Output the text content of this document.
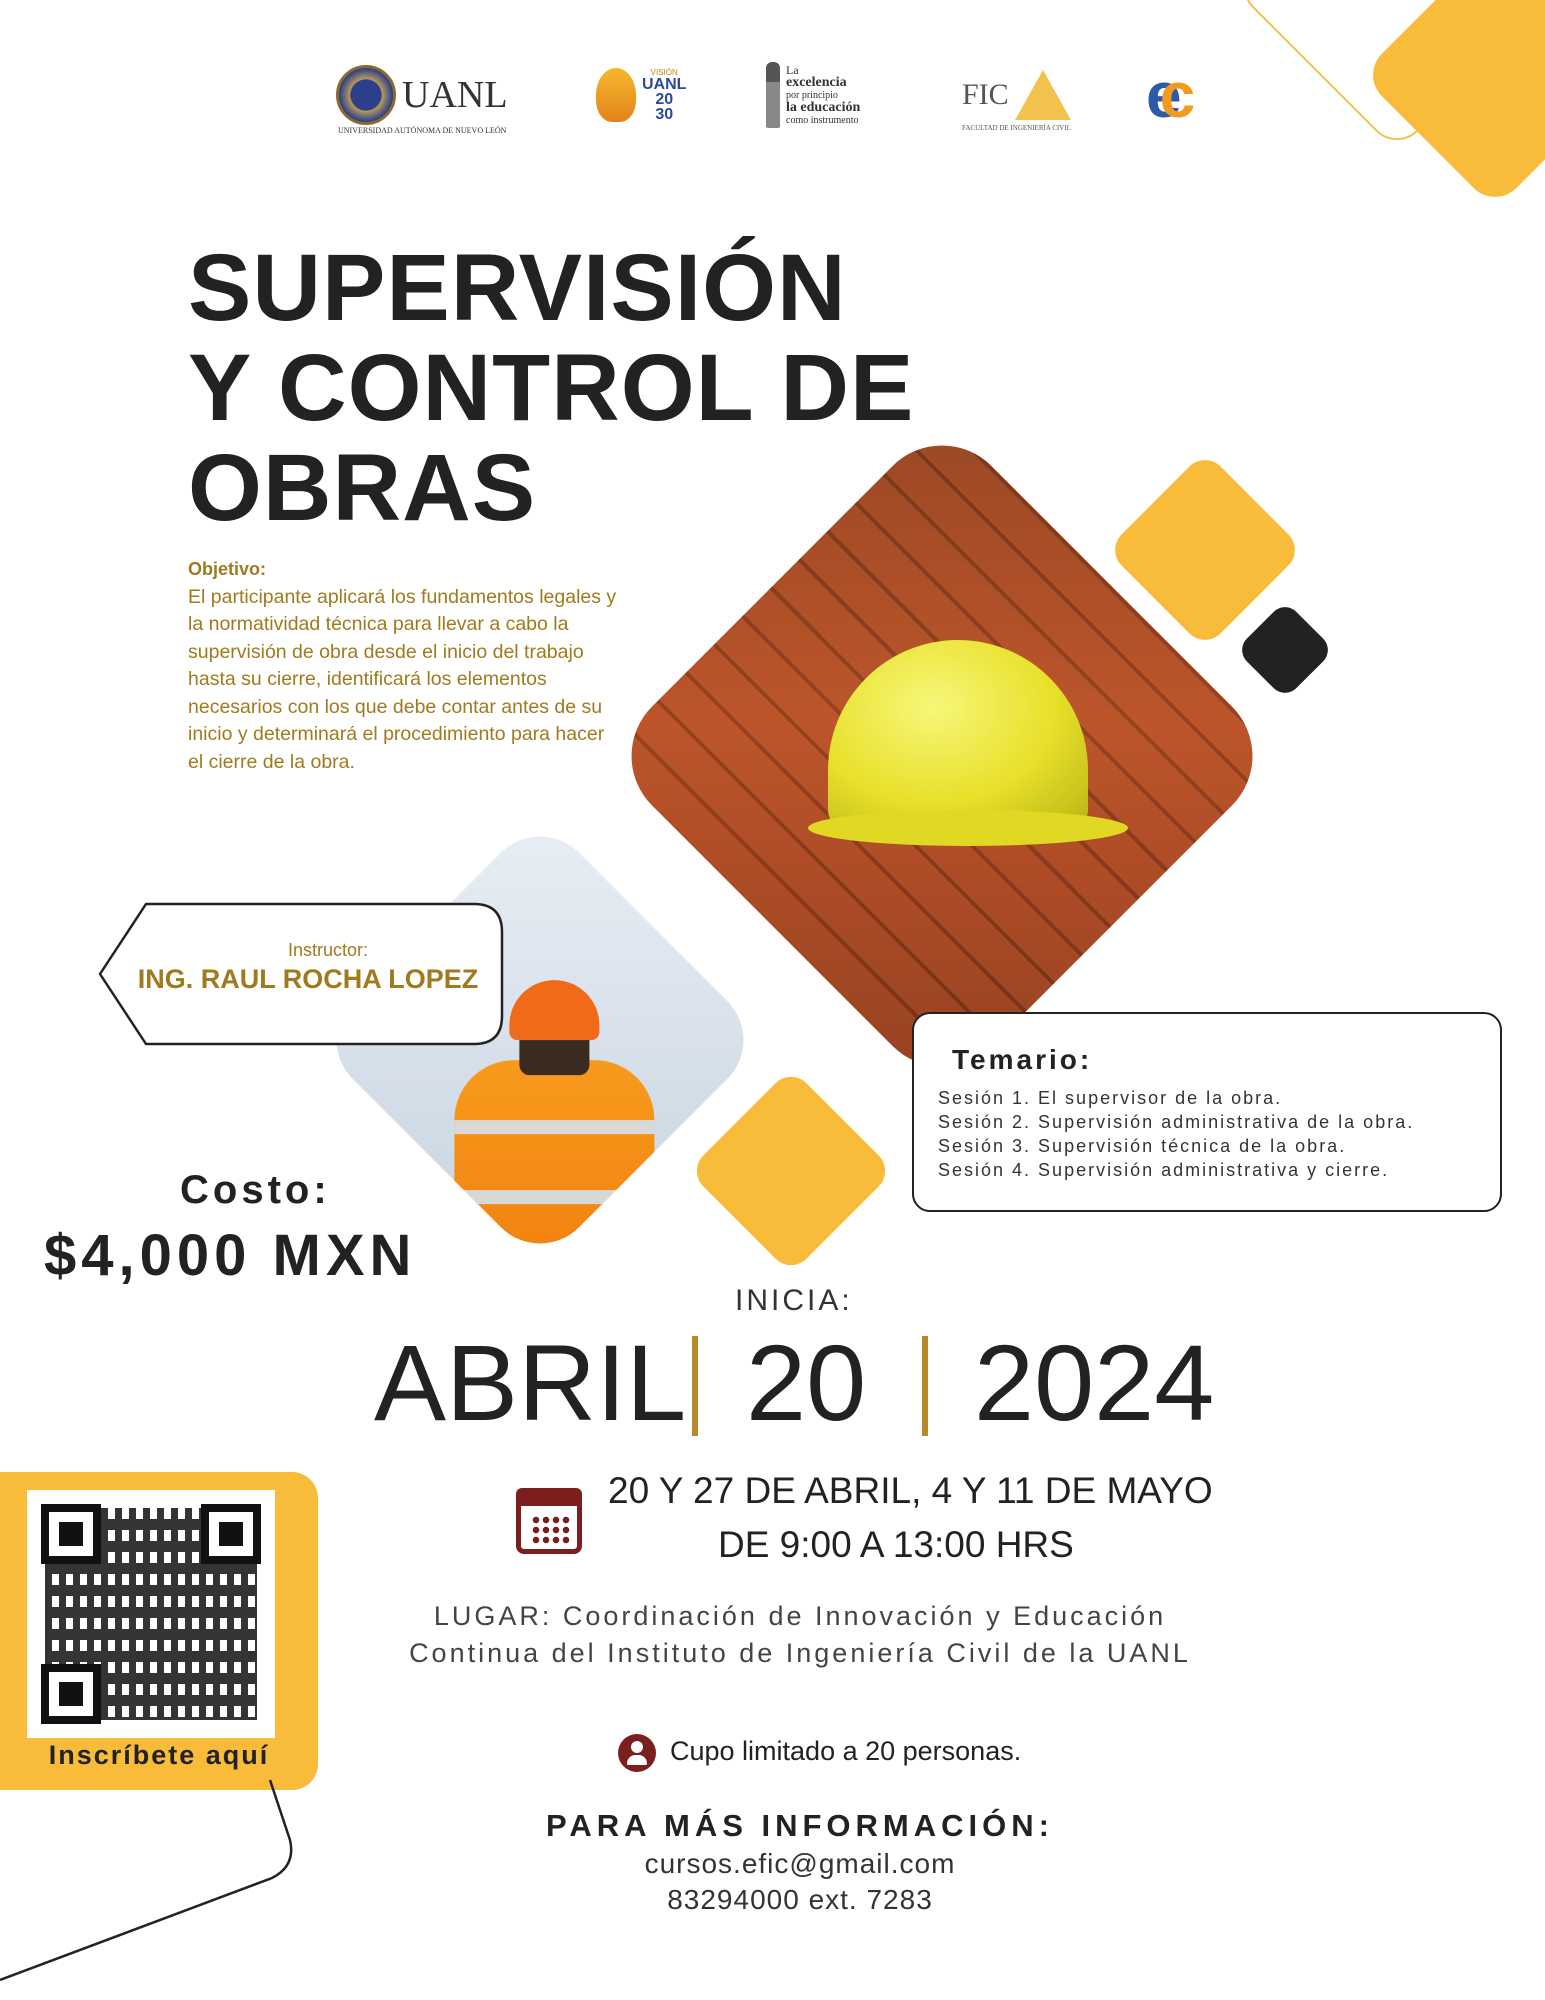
UANL
UNIVERSIDAD AUTÓNOMA DE NUEVO LEÓN
VISIÓN
UANL
20
30
La
excelencia
por principio
la educación
como instrumento
FIC
FACULTAD DE INGENIERÍA CIVIL ec
SUPERVISIÓN
Y CONTROL DE
OBRAS
Objetivo:
El participante aplicará los fundamentos legales y la normatividad técnica para llevar a cabo la supervisión de obra desde el inicio del trabajo hasta su cierre, identificará los elementos necesarios con los que debe contar antes de su inicio y determinará el procedimiento para hacer el cierre de la obra.
Instructor:
ING. RAUL ROCHA LOPEZ
Temario:
Sesión 1. El supervisor de la obra.
Sesión 2. Supervisión administrativa de la obra.
Sesión 3. Supervisión técnica de la obra.
Sesión 4. Supervisión administrativa y cierre.
Costo:
$4,000 MXN
INICIA:
ABRIL 20 2024
Inscríbete aquí
20 Y 27 DE ABRIL, 4 Y 11 DE MAYO
DE 9:00 A 13:00 HRS
LUGAR: Coordinación de Innovación y Educación Continua del Instituto de Ingeniería Civil de la UANL
Cupo limitado a 20 personas.
PARA MÁS INFORMACIÓN:
cursos.efic@gmail.com
83294000 ext. 7283
